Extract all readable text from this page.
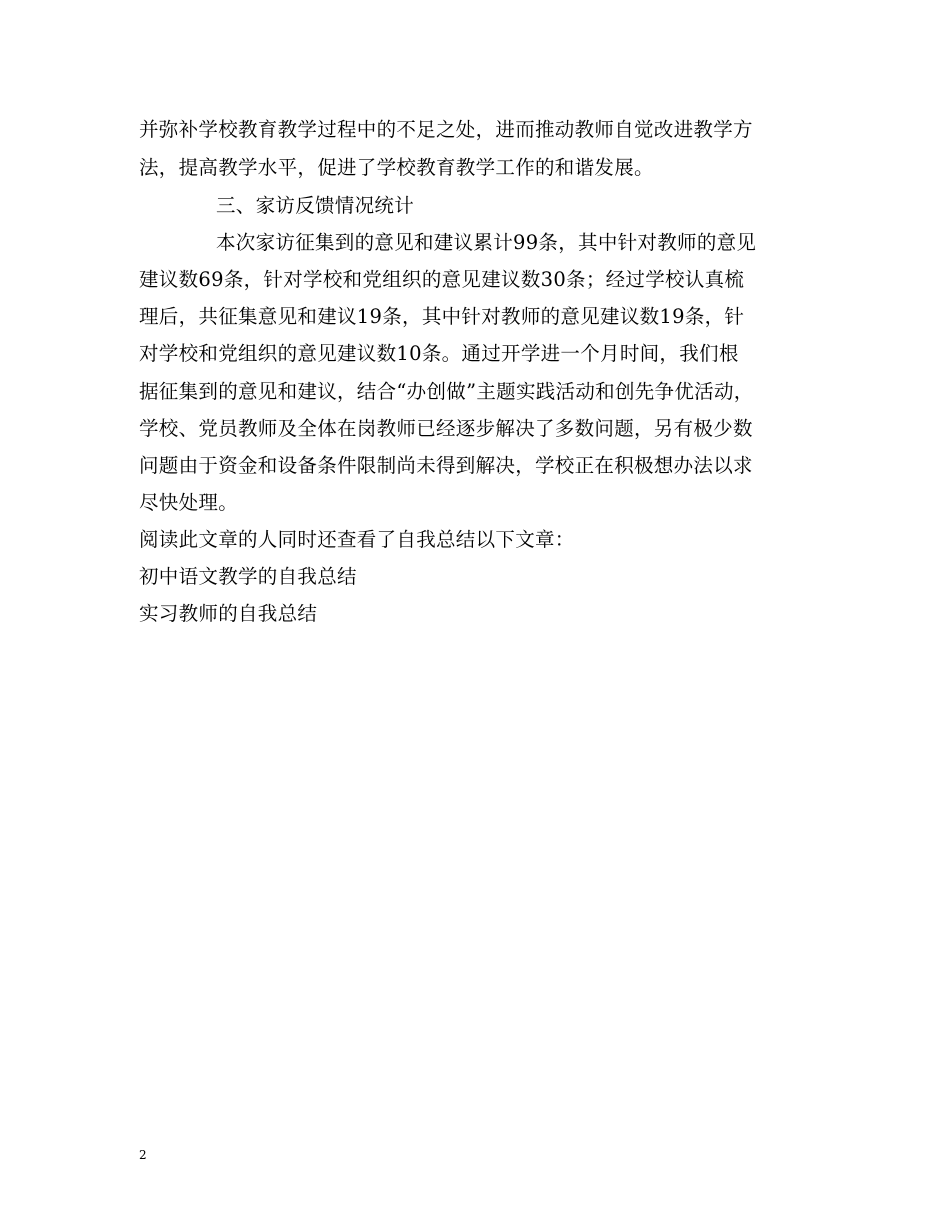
并弥补学校教育教学过程中的不足之处，进而推动教师自觉改进教学方
法，提高教学水平，促进了学校教育教学工作的和谐发展。
三、家访反馈情况统计
本次家访征集到的意见和建议累计99条，其中针对教师的意见
建议数69条，针对学校和党组织的意见建议数30条；经过学校认真梳
理后，共征集意见和建议19条，其中针对教师的意见建议数19条，针
对学校和党组织的意见建议数10条。通过开学进一个月时间，我们根
据征集到的意见和建议，结合“办创做”主题实践活动和创先争优活动，
学校、党员教师及全体在岗教师已经逐步解决了多数问题，另有极少数
问题由于资金和设备条件限制尚未得到解决，学校正在积极想办法以求
尽快处理。
阅读此文章的人同时还查看了自我总结以下文章：
初中语文教学的自我总结
实习教师的自我总结
2
